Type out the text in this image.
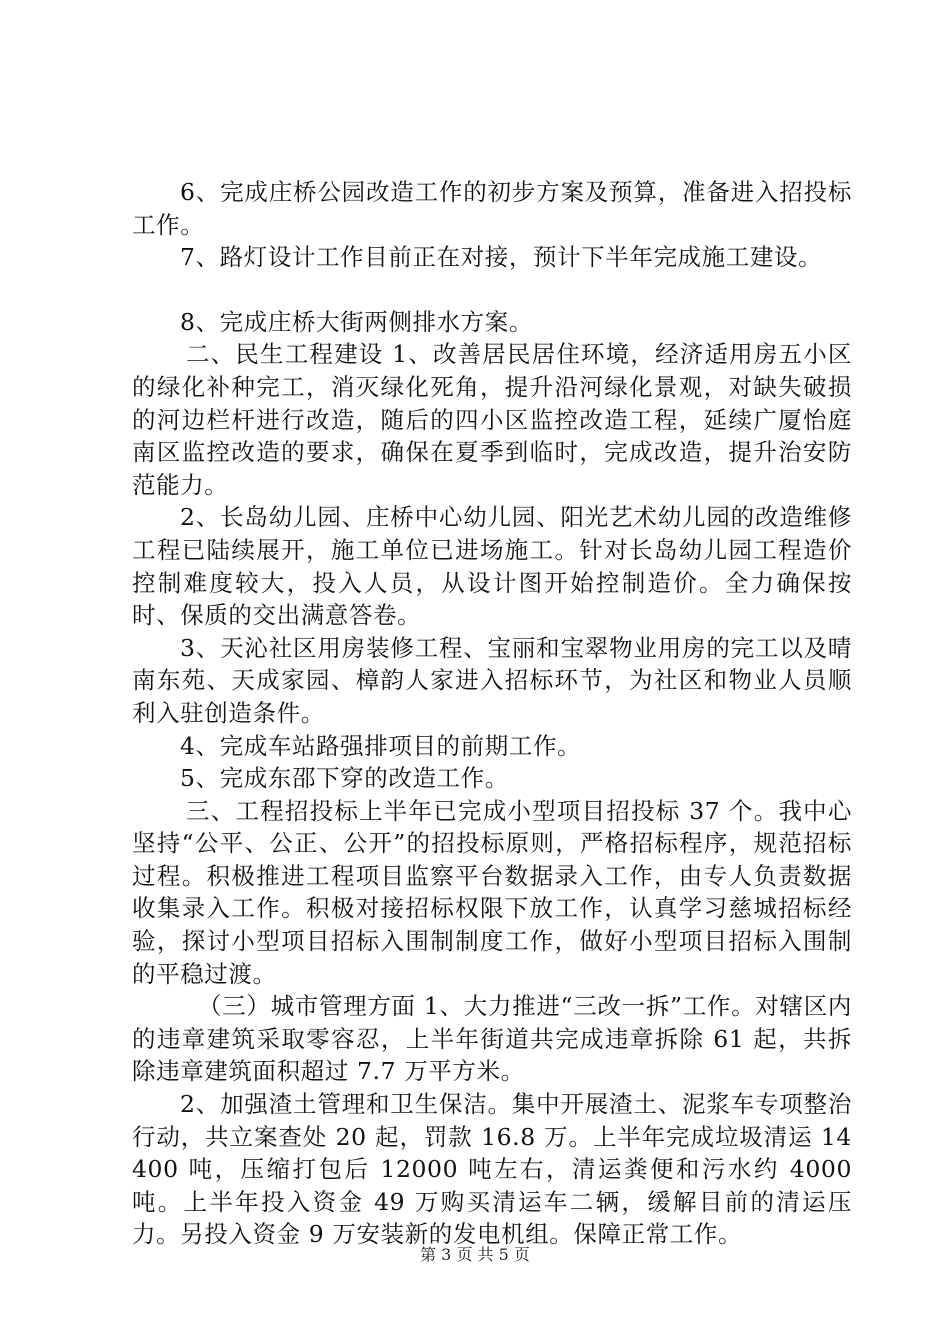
6、完成庄桥公园改造工作的初步方案及预算，准备进入招投标工作。

7、路灯设计工作目前正在对接，预计下半年完成施工建设。

8、完成庄桥大街两侧排水方案。

二、民生工程建设 1、改善居民居住环境，经济适用房五小区的绿化补种完工，消灭绿化死角，提升沿河绿化景观，对缺失破损的河边栏杆进行改造，随后的四小区监控改造工程，延续广厦怡庭南区监控改造的要求，确保在夏季到临时，完成改造，提升治安防范能力。

2、长岛幼儿园、庄桥中心幼儿园、阳光艺术幼儿园的改造维修工程已陆续展开，施工单位已进场施工。针对长岛幼儿园工程造价控制难度较大，投入人员，从设计图开始控制造价。全力确保按时、保质的交出满意答卷。

3、天沁社区用房装修工程、宝丽和宝翠物业用房的完工以及晴南东苑、天成家园、樟韵人家进入招标环节，为社区和物业人员顺利入驻创造条件。

4、完成车站路强排项目的前期工作。

5、完成东邵下穿的改造工作。

三、工程招投标上半年已完成小型项目招投标 37 个。我中心坚持“公平、公正、公开”的招投标原则，严格招标程序，规范招标过程。积极推进工程项目监察平台数据录入工作，由专人负责数据收集录入工作。积极对接招标权限下放工作，认真学习慈城招标经验，探讨小型项目招标入围制制度工作，做好小型项目招标入围制的平稳过渡。

（三）城市管理方面 1、大力推进“三改一拆”工作。对辖区内的违章建筑采取零容忍，上半年街道共完成违章拆除 61 起，共拆除违章建筑面积超过 7.7 万平方米。

2、加强渣土管理和卫生保洁。集中开展渣土、泥浆车专项整治行动，共立案查处 20 起，罚款 16.8 万。上半年完成垃圾清运 14400 吨，压缩打包后 12000 吨左右，清运粪便和污水约 4000 吨。上半年投入资金 49 万购买清运车二辆，缓解目前的清运压力。另投入资金 9 万安装新的发电机组。保障正常工作。

第 3 页 共 5 页
